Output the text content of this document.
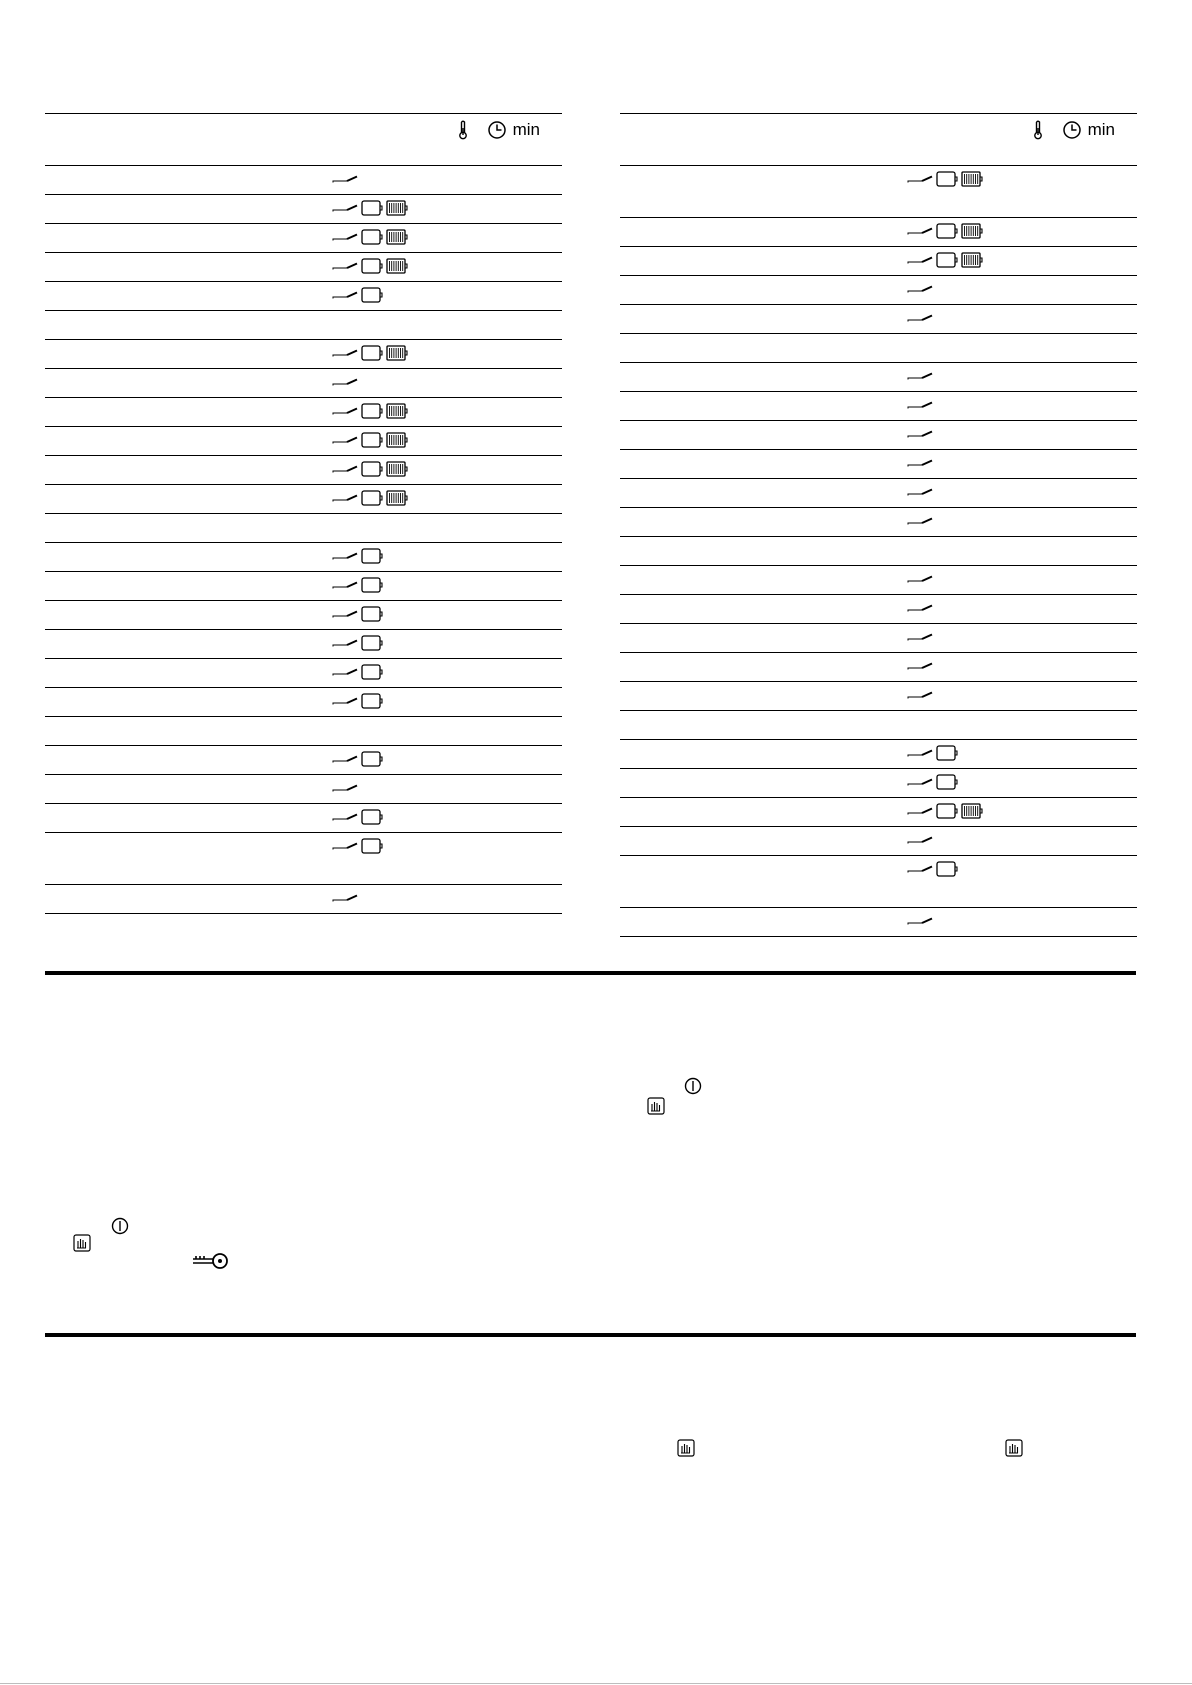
min	min
